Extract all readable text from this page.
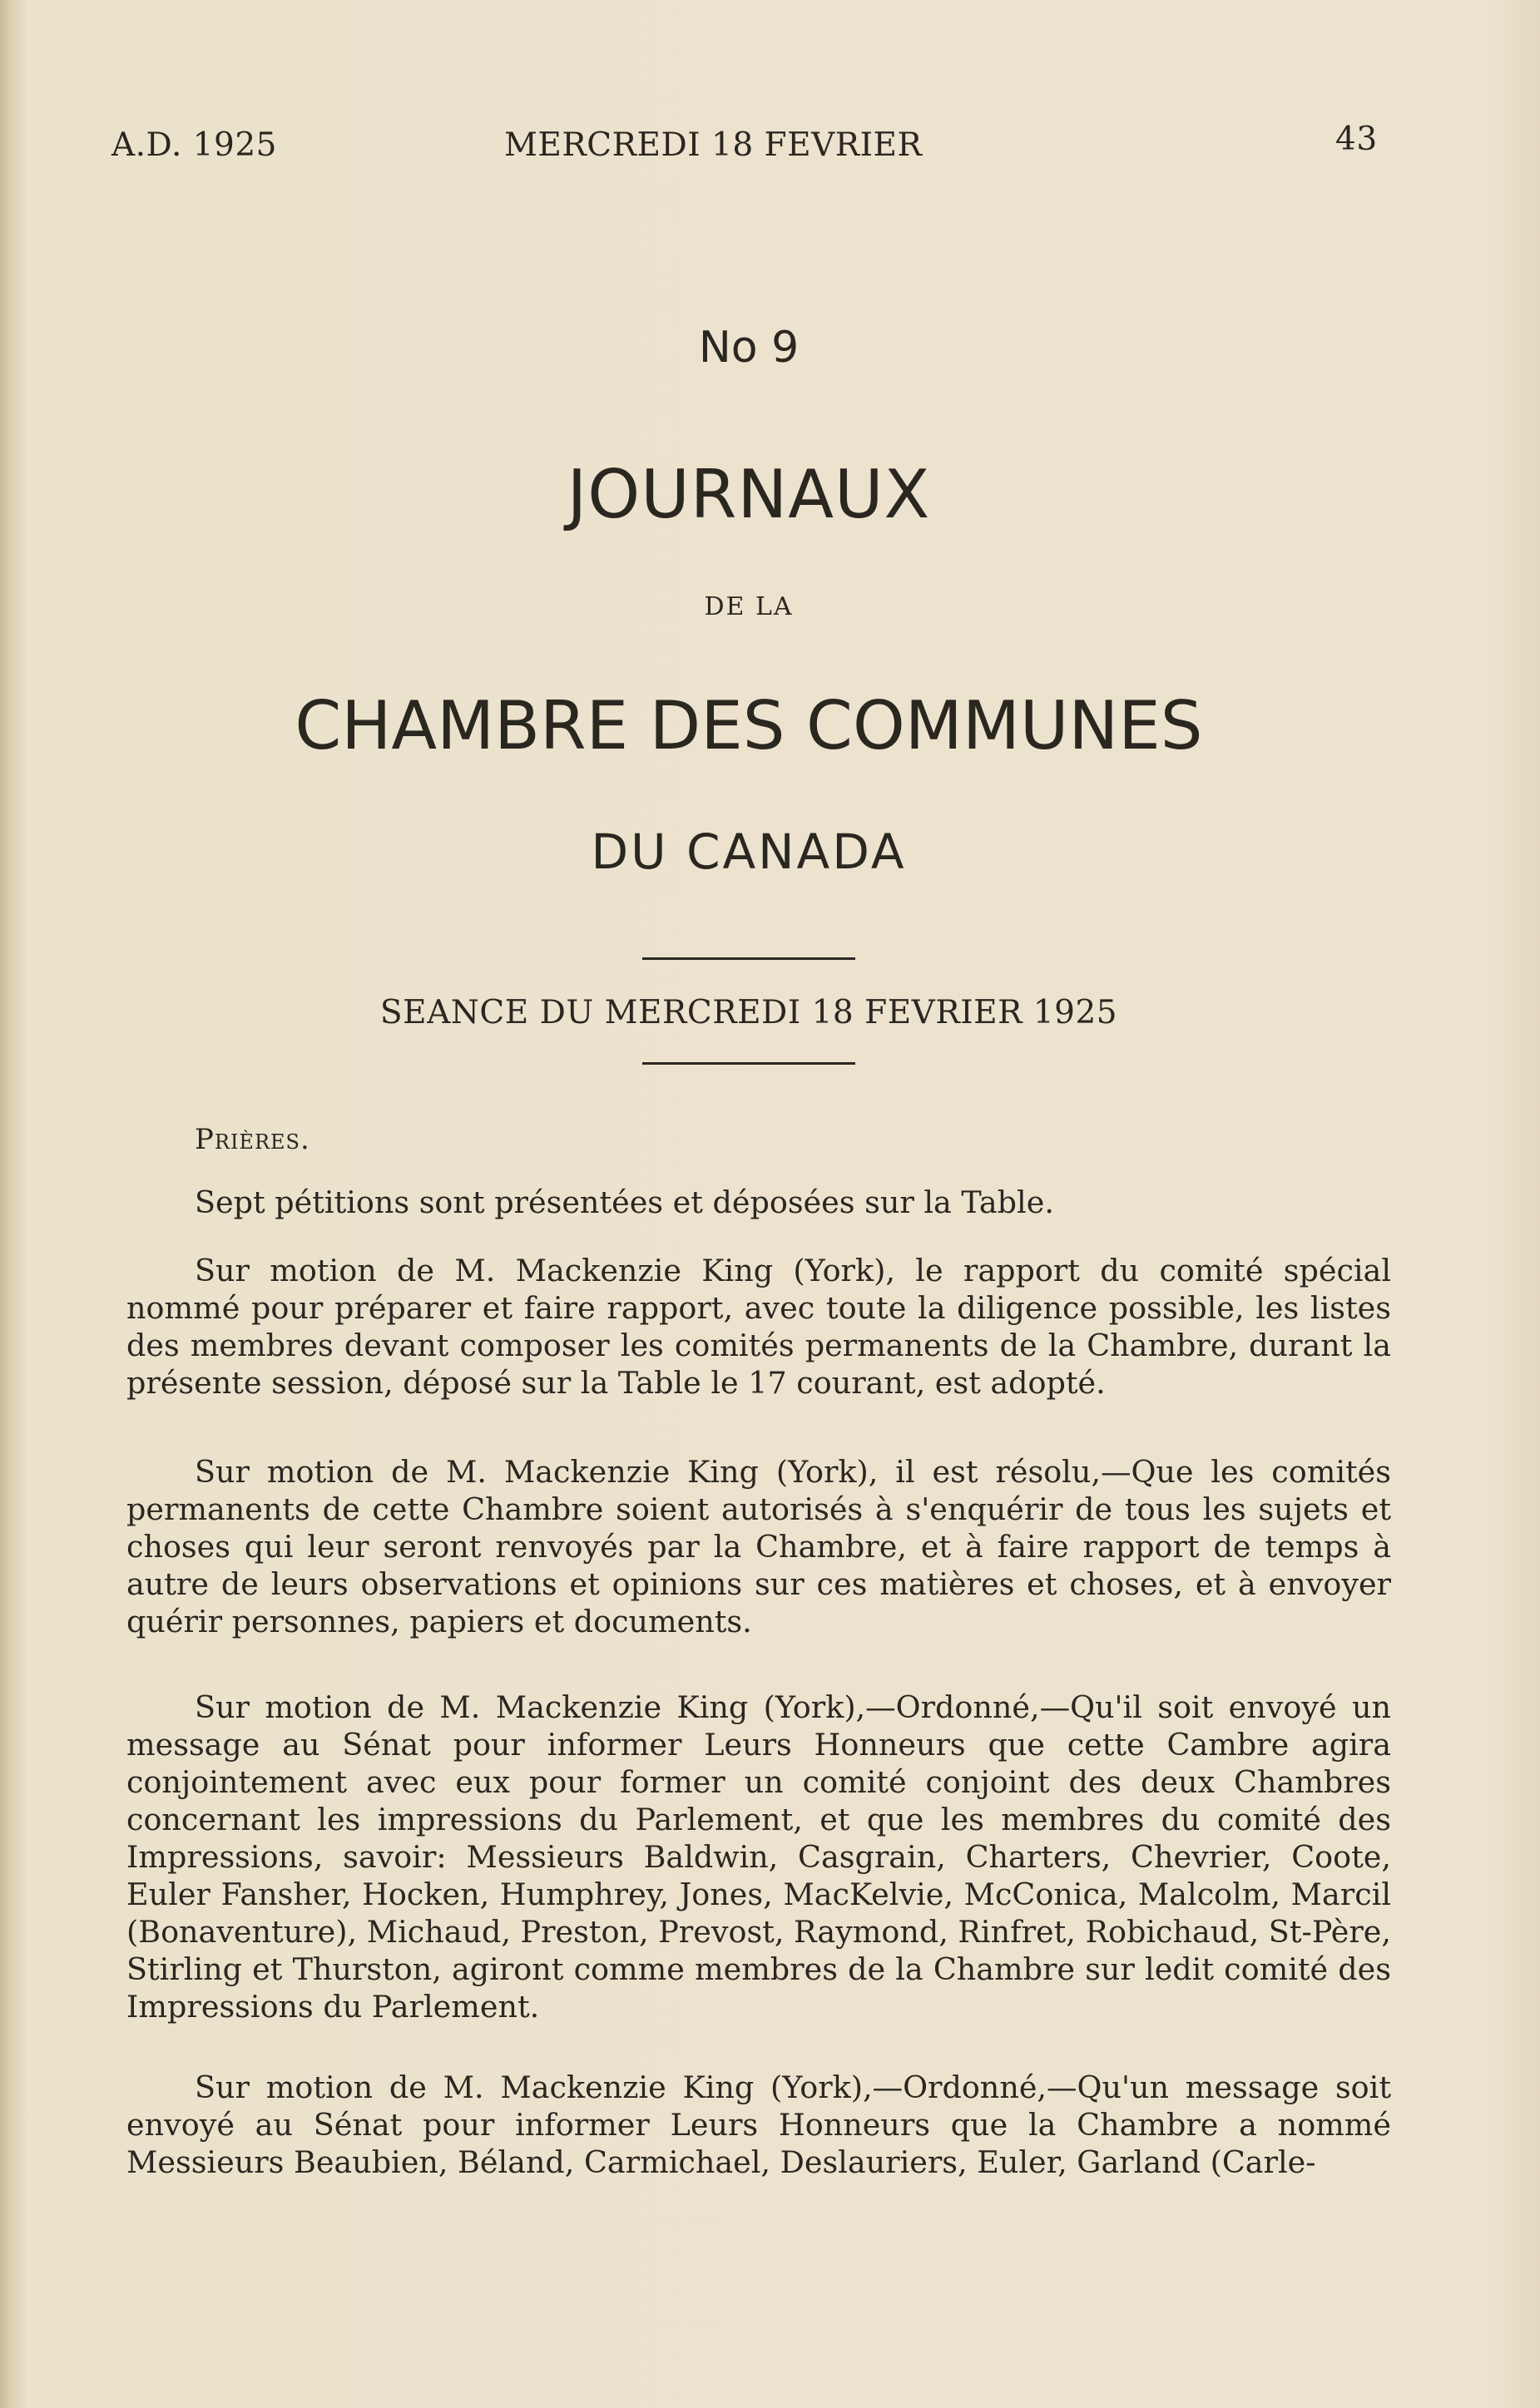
A.D. 1925	MERCREDI 18 FEVRIER	43
No 9
JOURNAUX
DE LA
CHAMBRE DES COMMUNES
DU CANADA
SEANCE DU MERCREDI 18 FEVRIER 1925
Prières.
Sept pétitions sont présentées et déposées sur la Table.
Sur motion de M. Mackenzie King (York), le rapport du comité spécial nommé pour préparer et faire rapport, avec toute la diligence possible, les listes des membres devant composer les comités permanents de la Chambre, durant la présente session, déposé sur la Table le 17 courant, est adopté.
Sur motion de M. Mackenzie King (York), il est résolu,—Que les comités permanents de cette Chambre soient autorisés à s'enquérir de tous les sujets et choses qui leur seront renvoyés par la Chambre, et à faire rapport de temps à autre de leurs observations et opinions sur ces matières et choses, et à envoyer quérir personnes, papiers et documents.
Sur motion de M. Mackenzie King (York),—Ordonné,—Qu'il soit envoyé un message au Sénat pour informer Leurs Honneurs que cette Cambre agira conjointement avec eux pour former un comité conjoint des deux Chambres concernant les impressions du Parlement, et que les membres du comité des Impressions, savoir: Messieurs Baldwin, Casgrain, Charters, Chevrier, Coote, Euler Fansher, Hocken, Humphrey, Jones, MacKelvie, McConica, Malcolm, Marcil (Bonaventure), Michaud, Preston, Prevost, Raymond, Rinfret, Robichaud, St-Père, Stirling et Thurston, agiront comme membres de la Chambre sur ledit comité des Impressions du Parlement.
Sur motion de M. Mackenzie King (York),—Ordonné,—Qu'un message soit envoyé au Sénat pour informer Leurs Honneurs que la Chambre a nommé Messieurs Beaubien, Béland, Carmichael, Deslauriers, Euler, Garland (Carle-
